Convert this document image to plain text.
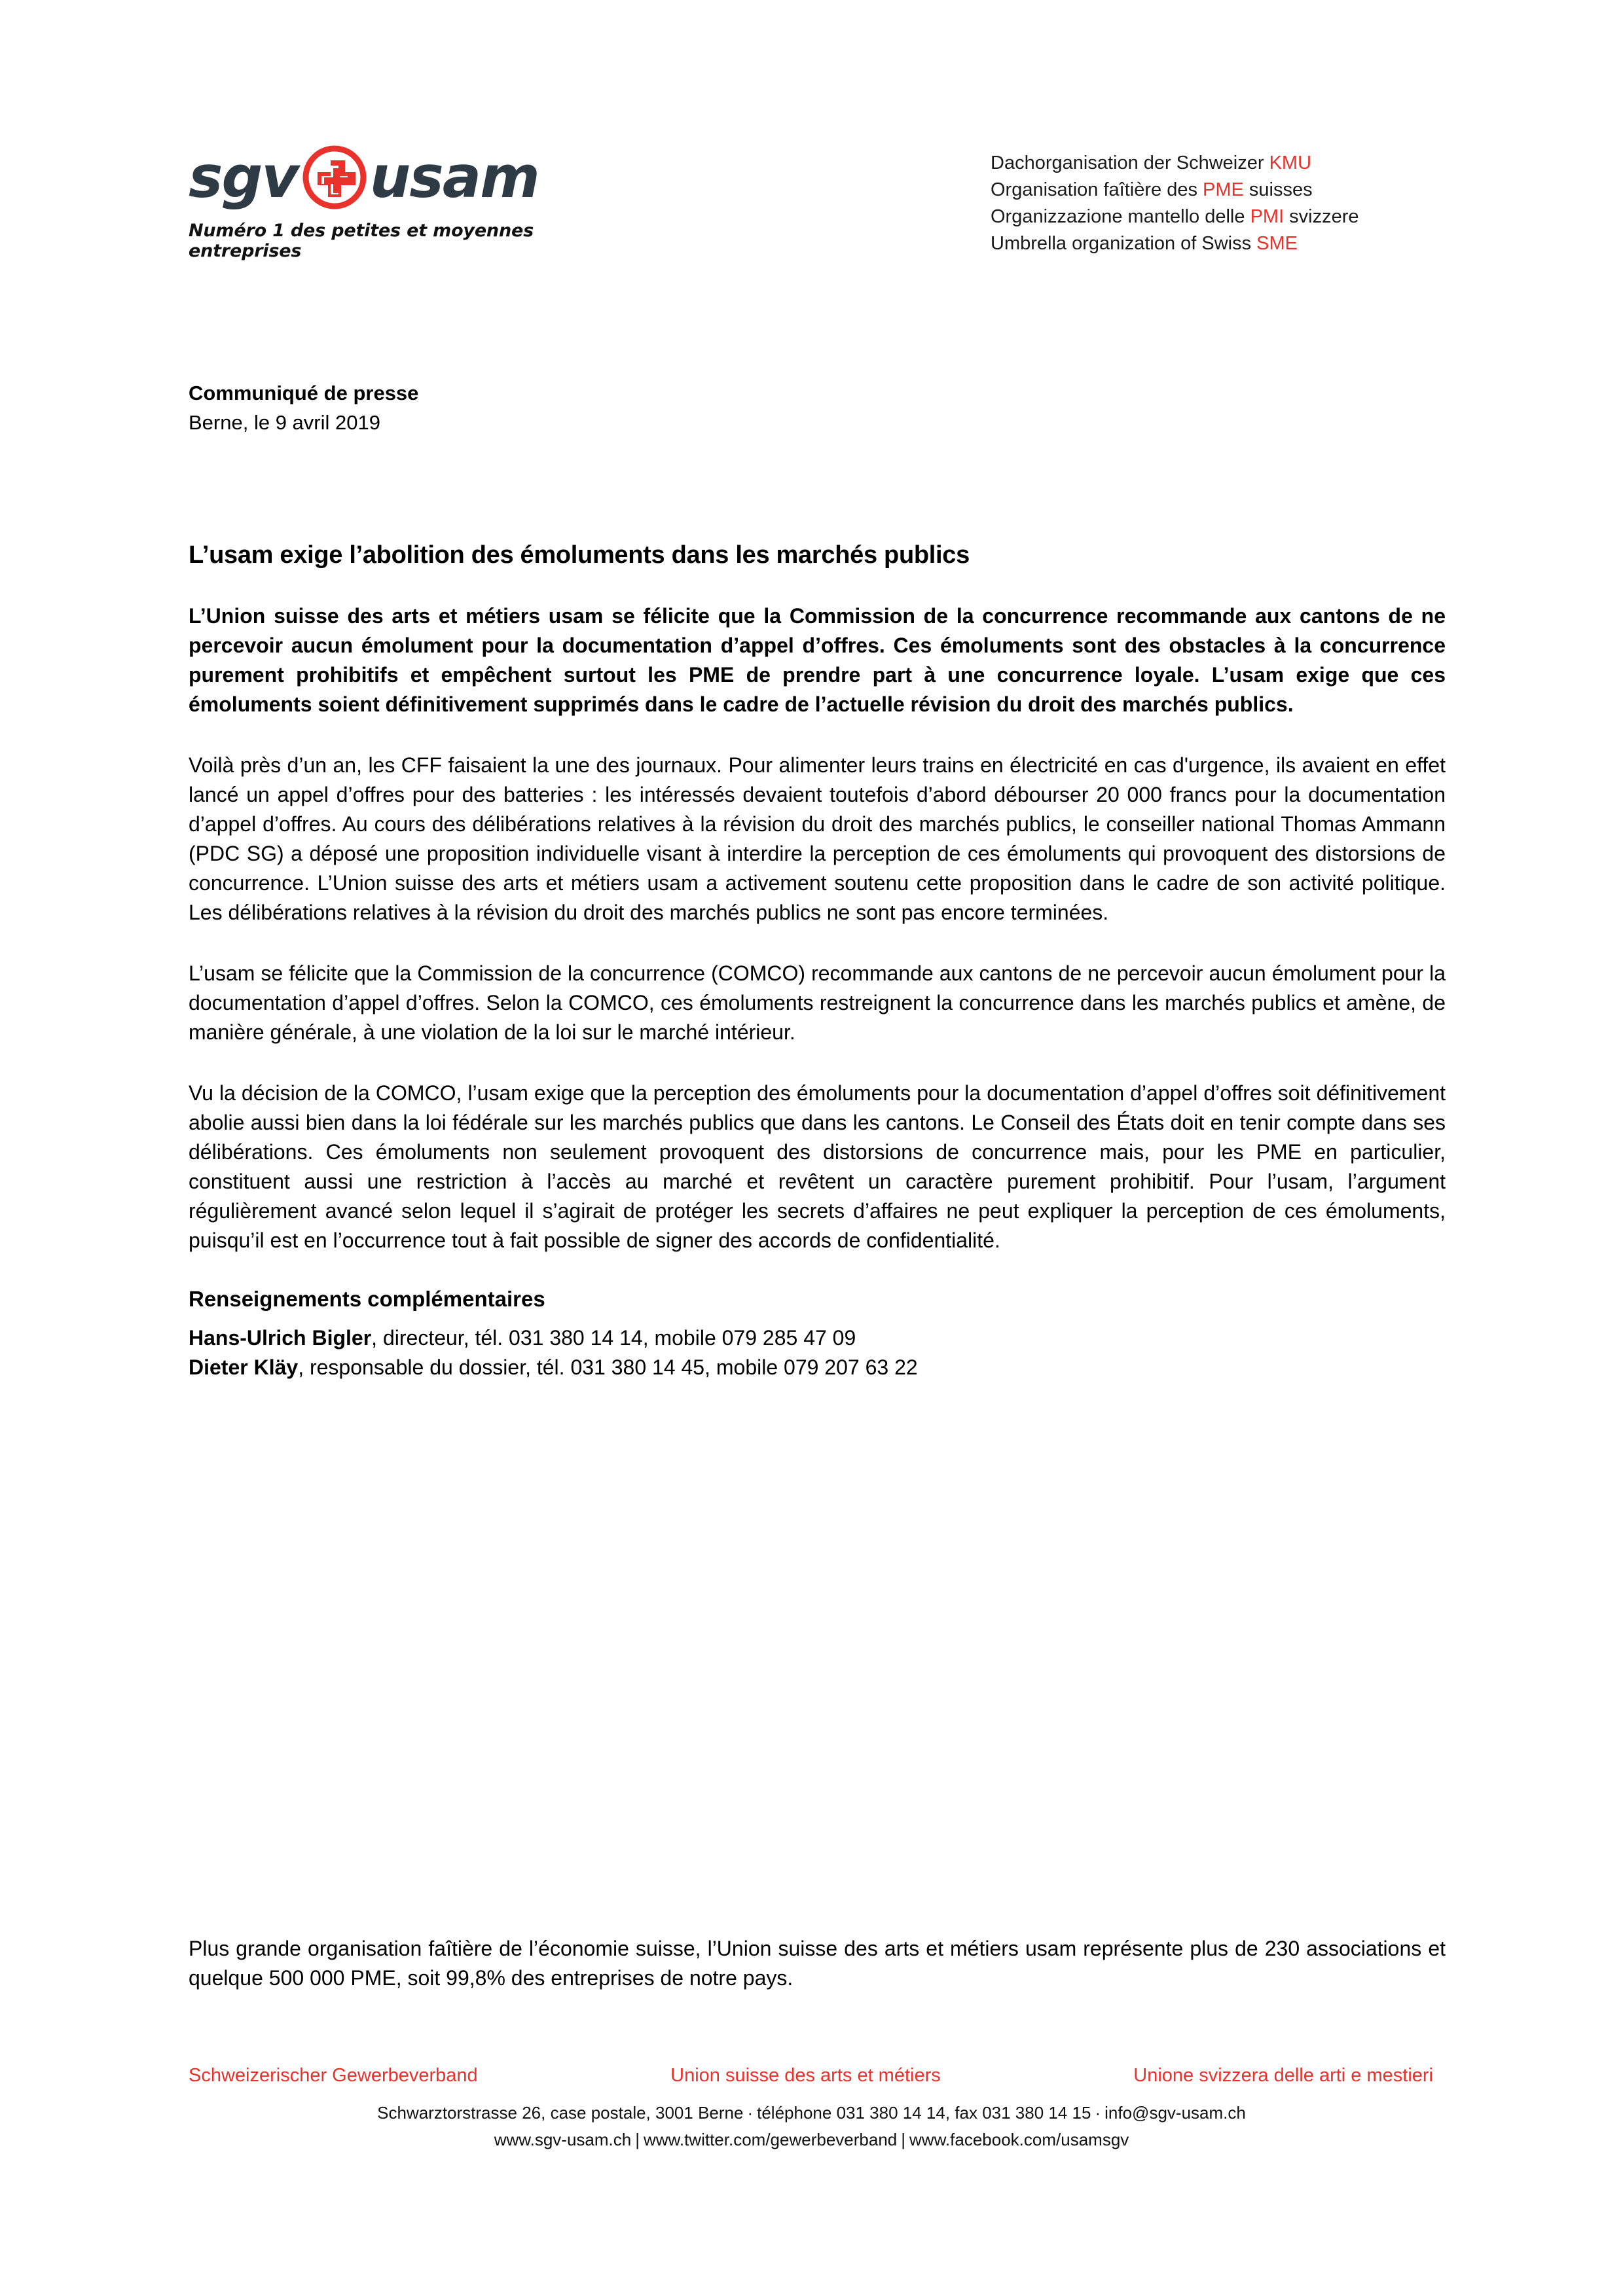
sgv usam
Numéro 1 des petites et moyennes entreprises
Dachorganisation der Schweizer KMU
Organisation faîtière des PME suisses
Organizzazione mantello delle PMI svizzere
Umbrella organization of Swiss SME
Communiqué de presse
Berne, le 9 avril 2019
L’usam exige l’abolition des émoluments dans les marchés publics

L’Union suisse des arts et métiers usam se félicite que la Commission de la concurrence recommande aux cantons de ne percevoir aucun émolument pour la documentation d’appel d’offres. Ces émoluments sont des obstacles à la concurrence purement prohibitifs et empêchent surtout les PME de prendre part à une concurrence loyale. L’usam exige que ces émoluments soient définitivement supprimés dans le cadre de l’actuelle révision du droit des marchés publics.

Voilà près d’un an, les CFF faisaient la une des journaux. Pour alimenter leurs trains en électricité en cas d'urgence, ils avaient en effet lancé un appel d’offres pour des batteries : les intéressés devaient toutefois d’abord débourser 20 000 francs pour la documentation d’appel d’offres. Au cours des délibérations relatives à la révision du droit des marchés publics, le conseiller national Thomas Ammann (PDC SG) a déposé une proposition individuelle visant à interdire la perception de ces émoluments qui provoquent des distorsions de concurrence. L’Union suisse des arts et métiers usam a activement soutenu cette proposition dans le cadre de son activité politique. Les délibérations relatives à la révision du droit des marchés publics ne sont pas encore terminées.

L’usam se félicite que la Commission de la concurrence (COMCO) recommande aux cantons de ne percevoir aucun émolument pour la documentation d’appel d’offres. Selon la COMCO, ces émoluments restreignent la concurrence dans les marchés publics et amène, de manière générale, à une violation de la loi sur le marché intérieur.

Vu la décision de la COMCO, l’usam exige que la perception des émoluments pour la documentation d’appel d’offres soit définitivement abolie aussi bien dans la loi fédérale sur les marchés publics que dans les cantons. Le Conseil des États doit en tenir compte dans ses délibérations. Ces émoluments non seulement provoquent des distorsions de concurrence mais, pour les PME en particulier, constituent aussi une restriction à l’accès au marché et revêtent un caractère purement prohibitif. Pour l’usam, l’argument régulièrement avancé selon lequel il s’agirait de protéger les secrets d’affaires ne peut expliquer la perception de ces émoluments, puisqu’il est en l’occurrence tout à fait possible de signer des accords de confidentialité.

Renseignements complémentaires
Hans-Ulrich Bigler, directeur, tél. 031 380 14 14, mobile 079 285 47 09
Dieter Kläy, responsable du dossier, tél. 031 380 14 45, mobile 079 207 63 22
Plus grande organisation faîtière de l’économie suisse, l’Union suisse des arts et métiers usam représente plus de 230 associations et quelque 500 000 PME, soit 99,8% des entreprises de notre pays.
Schweizerischer Gewerbeverband	Union suisse des arts et métiers	Unione svizzera delle arti e mestieri
Schwarztorstrasse 26, case postale, 3001 Berne · téléphone 031 380 14 14, fax 031 380 14 15 · info@sgv-usam.ch
www.sgv-usam.ch | www.twitter.com/gewerbeverband | www.facebook.com/usamsgv
